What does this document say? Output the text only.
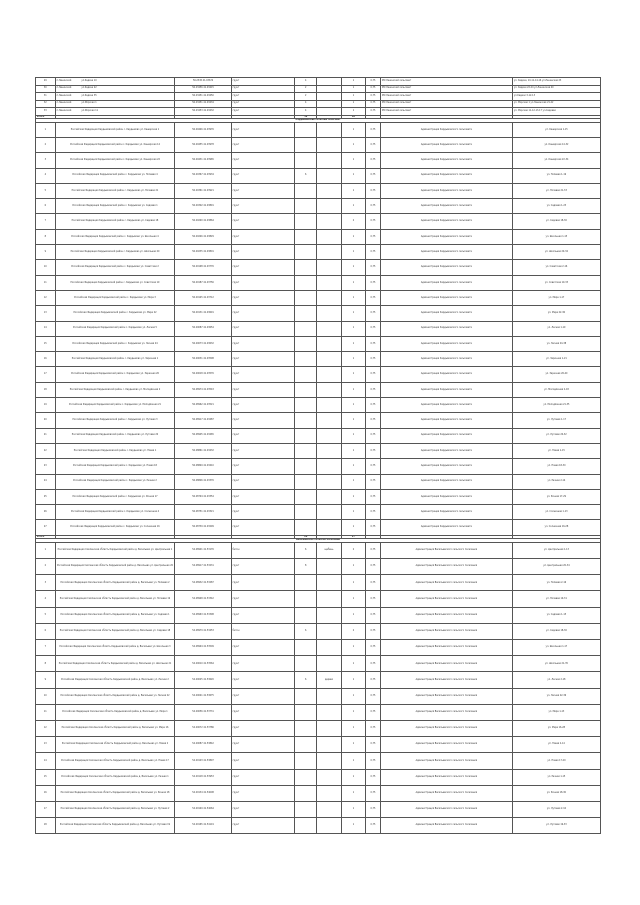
29	п.Ленинский ул.Кадачи 10	56.2345 41.03674	грунт	4		1	0,75	МО Ленинский сельсовет	ул. Кадачи, 10-11-14-16 ул.Ленинская 23
30	п.Ленинский ул.Кадачи 22	56.23456 41.03415	грунт	2		1	0,75	МО Ленинский сельсовет	ул. Кадачи 22-24 ул.Ленинская 40
31	п.Ленинский ул.Кадачи 35	56.23451 41.03450	грунт	2		1	0,75	МО Ленинский сельсовет	ул.Кадачи 3-12-13
32	п.Ленинский ул.Морская 1	56.23451 41.03434	грунт	4		1	0,75	МО Ленинский сельсовет	ул. Морская 1 ул.Ленинская 21-22
33	п.Ленинский ул.Морская 11	56.23453 41.03432	грунт	4		1	0,75	МО Ленинский сельсовет	ул. Морская 11-12-13-17 ул.Садовая
Итого				59		18			
Кардымовский сельский сельсовет									
1	Российская Федерация Кардымовский район с. Кардымово ул. Кашарская 1	56.29446 41.03976	грунт			1	0,75	Администрация Кардымовского сельсовета	ул. Кашарская 1-15
2	Российская Федерация Кардымовский район с. Кардымово ул. Кашарская 14	56.29455 41.03978	грунт			1	0,75	Администрация Кардымовского сельсовета	ул. Кашарская 14-32
3	Российская Федерация Кардымовский район с. Кардымово ул. Кашарская 22	56.29431 41.03965	грунт			1	0,75	Администрация Кардымовского сельсовета	ул. Кашарская 22-34
4	Российская Федерация Кардымовский район с. Кардымово ул. Полевая 4	56.29367 41.03934	грунт	6		1	0,75	Администрация Кардымовского сельсовета	ул. Полевая 1-19
5	Российская Федерация Кардымовский район с. Кардымово ул. Полевая 21	56.29361 41.03921	грунт			1	0,75	Администрация Кардымовского сельсовета	ул. Полевая 21-33
6	Российская Федерация Кардымовский район с. Кардымово ул. Садовая 1	56.29302 41.03891	грунт			1	0,75	Администрация Кардымовского сельсовета	ул. Садовая 1-23
7	Российская Федерация Кардымовский район с. Кардымово ул. Садовая 18	56.29290 41.03864	грунт			2	0,75	Администрация Кардымовского сельсовета	ул. Садовая 18-30
8	Российская Федерация Кардымовский район с. Кардымово ул. Школьная 4	56.29246 41.03829	грунт			1	0,75	Администрация Кардымовского сельсовета	ул. Школьная 1-15
9	Российская Федерация Кардымовский район с. Кардымово ул. Школьная 20	56.29235 41.03801	грунт			1	0,75	Администрация Кардымовского сельсовета	ул. Школьная 20-34
10	Российская Федерация Кардымовский район с. Кардымово ул. Советская 2	56.29198 41.03776	грунт			1	0,75	Администрация Кардымовского сельсовета	ул. Советская 2-16
11	Российская Федерация Кардымовский район с. Кардымово ул. Советская 19	56.29187 41.03756	грунт			1	0,75	Администрация Кардымовского сельсовета	ул. Советская 19-33
12	Российская Федерация Кардымовский район с. Кардымово ул. Мира 3	56.29145 41.03712	грунт			1	0,75	Администрация Кардымовского сельсовета	ул. Мира 1-17
13	Российская Федерация Кардымовский район с. Кардымово ул. Мира 22	56.29131 41.03691	грунт			1	0,75	Администрация Кардымовского сельсовета	ул. Мира 22-36
14	Российская Федерация Кардымовский район с. Кардымово ул. Лесная 5	56.29087 41.03654	грунт			1	0,75	Администрация Кардымовского сельсовета	ул. Лесная 1-19
15	Российская Федерация Кардымовский район с. Кардымово ул. Лесная 24	56.29073 41.03632	грунт			1	0,75	Администрация Кардымовского сельсовета	ул. Лесная 24-38
16	Российская Федерация Кардымовский район с. Кардымово ул. Заречная 1	56.29031 41.03598	грунт			1	0,75	Администрация Кардымовского сельсовета	ул. Заречная 1-21
17	Российская Федерация Кардымовский район с. Кардымово ул. Заречная 26	56.29018 41.03576	грунт			1	0,75	Администрация Кардымовского сельсовета	ул. Заречная 26-40
18	Российская Федерация Кардымовский район с. Кардымово ул. Молодёжная 2	56.28974 41.03543	грунт			1	0,75	Администрация Кардымовского сельсовета	ул. Молодёжная 2-18
19	Российская Федерация Кардымовский район с. Кардымово ул. Молодёжная 21	56.28962 41.03521	грунт			1	0,75	Администрация Кардымовского сельсовета	ул. Молодёжная 21-35
20	Российская Федерация Кардымовский район с. Кардымово ул. Луговая 3	56.28917 41.03487	грунт			1	0,75	Администрация Кардымовского сельсовета	ул. Луговая 1-17
21	Российская Федерация Кардымовский район с. Кардымово ул. Луговая 20	56.28905 41.03465	грунт			1	0,75	Администрация Кардымовского сельсовета	ул. Луговая 20-32
22	Российская Федерация Кардымовский район с. Кардымово ул. Новая 1	56.28861 41.03432	грунт			1	0,75	Администрация Кардымовского сельсовета	ул. Новая 1-15
23	Российская Федерация Кардымовский район с. Кардымово ул. Новая 18	56.28849 41.03410	грунт			1	0,75	Администрация Кардымовского сельсовета	ул. Новая 18-30
24	Российская Федерация Кардымовский район с. Кардымово ул. Речная 2	56.28806 41.03376	грунт			1	0,75	Администрация Кардымовского сельсовета	ул. Речная 2-14
25	Российская Федерация Кардымовский район с. Кардымово ул. Речная 17	56.28794 41.03354	грунт			1	0,75	Администрация Кардымовского сельсовета	ул. Речная 17-29
26	Российская Федерация Кардымовский район с. Кардымово ул. Солнечная 4	56.28751 41.03321	грунт			1	0,75	Администрация Кардымовского сельсовета	ул. Солнечная 1-13
27	Российская Федерация Кардымовский район с. Кардымово ул. Солнечная 16	56.28739 41.03299	грунт			1	0,75	Администрация Кардымовского сельсовета	ул. Солнечная 16-28
Итого				28		27			
Васильевское сельское поселение									
1	Российская Федерация Смоленская область Кардымовский район д. Васильево ул. Центральная 1	54.28901 41.53176	бетон	6	щебень	2	0,75	Администрация Васильевского сельского поселения	ул. Центральная 1-13
2	Российская Федерация Смоленская область Кардымовский район д. Васильево ул. Центральная 20	54.28917 41.53231	грунт	8		1	0,75	Администрация Васильевского сельского поселения	ул. Центральная 20-34
3	Российская Федерация Смоленская область Кардымовский район д. Васильево ул. Полевая 2	54.28932 41.53287	грунт			1	0,75	Администрация Васильевского сельского поселения	ул. Полевая 2-16
4	Российская Федерация Смоленская область Кардымовский район д. Васильево ул. Полевая 19	54.28948 41.53342	грунт			1	0,75	Администрация Васильевского сельского поселения	ул. Полевая 19-31
5	Российская Федерация Смоленская область Кардымовский район д. Васильево ул. Садовая 1	54.28963 41.53398	грунт			1	0,75	Администрация Васильевского сельского поселения	ул. Садовая 1-15
6	Российская Федерация Смоленская область Кардымовский район д. Васильево ул. Садовая 18	54.28979 41.53453	бетон	6		2	0,75	Администрация Васильевского сельского поселения	ул. Садовая 18-30
7	Российская Федерация Смоленская область Кардымовский район д. Васильево ул. Школьная 3	54.28994 41.53509	грунт			1	0,75	Администрация Васильевского сельского поселения	ул. Школьная 1-17
8	Российская Федерация Смоленская область Кардымовский район д. Васильево ул. Школьная 21	54.29010 41.53564	грунт			1	0,75	Администрация Васильевского сельского поселения	ул. Школьная 21-35
9	Российская Федерация Смоленская область Кардымовский район д. Васильево ул. Лесная 2	54.29025 41.53620	грунт	6	дерево	1	0,75	Администрация Васильевского сельского поселения	ул. Лесная 2-18
10	Российская Федерация Смоленская область Кардымовский район д. Васильево ул. Лесная 22	54.29041 41.53675	грунт			1	0,75	Администрация Васильевского сельского поселения	ул. Лесная 22-36
11	Российская Федерация Смоленская область Кардымовский район д. Васильево ул. Мира 1	54.29056 41.53731	грунт			1	0,75	Администрация Васильевского сельского поселения	ул. Мира 1-13
12	Российская Федерация Смоленская область Кардымовский район д. Васильево ул. Мира 16	54.29072 41.53786	грунт			1	0,75	Администрация Васильевского сельского поселения	ул. Мира 16-28
13	Российская Федерация Смоленская область Кардымовский район д. Васильево ул. Новая 2	54.29087 41.53842	грунт			1	0,75	Администрация Васильевского сельского поселения	ул. Новая 2-14
14	Российская Федерация Смоленская область Кардымовский район д. Васильево ул. Новая 17	54.29103 41.53897	грунт			1	0,75	Администрация Васильевского сельского поселения	ул. Новая 17-29
15	Российская Федерация Смоленская область Кардымовский район д. Васильево ул. Речная 1	54.29118 41.53953	грунт			1	0,75	Администрация Васильевского сельского поселения	ул. Речная 1-15
16	Российская Федерация Смоленская область Кардымовский район д. Васильево ул. Речная 18	54.29134 41.54008	грунт			1	0,75	Администрация Васильевского сельского поселения	ул. Речная 18-30
17	Российская Федерация Смоленская область Кардымовский район д. Васильево ул. Луговая 2	54.29149 41.54064	грунт			1	0,75	Администрация Васильевского сельского поселения	ул. Луговая 2-16
18	Российская Федерация Смоленская область Кардымовский район д. Васильево ул. Луговая 19	54.29165 41.54119	грунт			1	0,75	Администрация Васильевского сельского поселения	ул. Луговая 19-33
